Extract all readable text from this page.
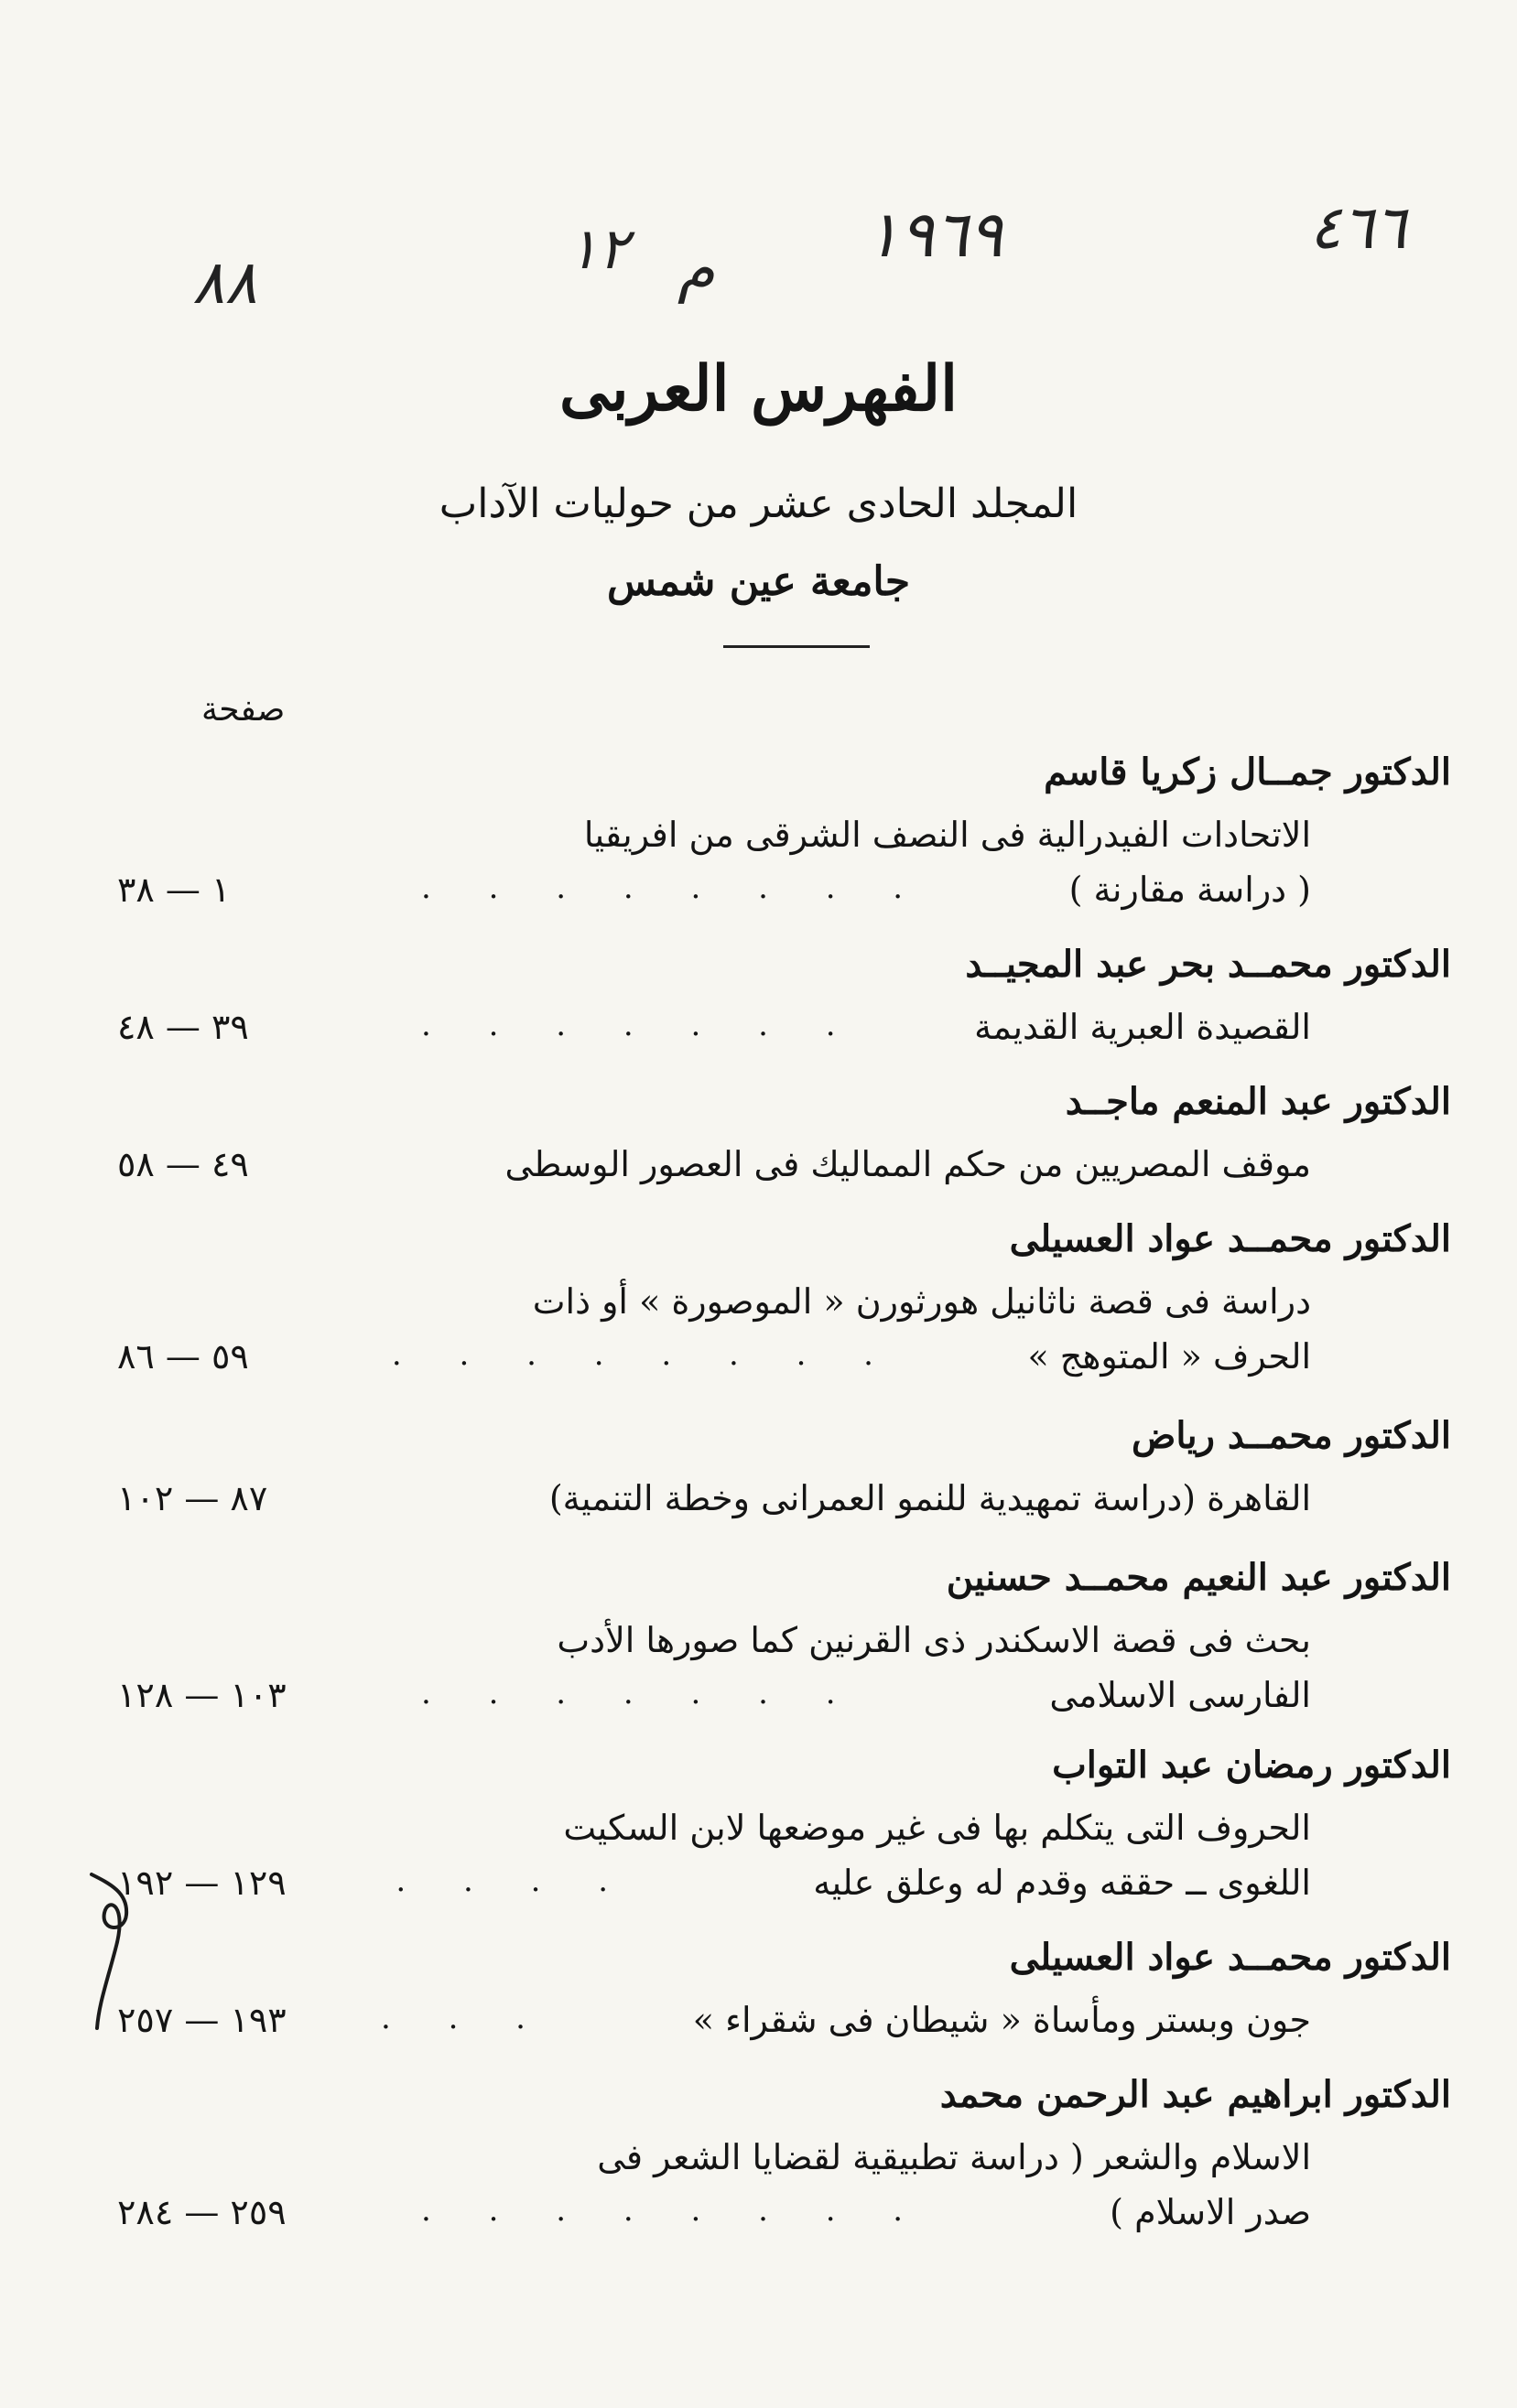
٤٦٦
١٩٦٩
م
١٢
٨٨
الفهرس العربى
المجلد الحادى عشر من حوليات الآداب
جامعة عين شمس
صفحة
الدكتور جمــال زكريا قاسم
الاتحادات الفيدرالية فى النصف الشرقى من افريقيا
( دراسة مقارنة )
. . . . . . . .
١ — ٣٨
الدكتور محمــد بحر عبد المجيــد
القصيدة العبرية القديمة
. . . . . . .
٣٩ — ٤٨
الدكتور عبد المنعم ماجــد
موقف المصريين من حكم المماليك فى العصور الوسطى
٤٩ — ٥٨
الدكتور محمــد عواد العسيلى
دراسة فى قصة ناثانيل هورثورن « الموصورة » أو ذات
الحرف « المتوهج »
. . . . . . . .
٥٩ — ٨٦
الدكتور محمــد رياض
القاهرة (دراسة تمهيدية للنمو العمرانى وخطة التنمية)
٨٧ — ١٠٢
الدكتور عبد النعيم محمــد حسنين
بحث فى قصة الاسكندر ذى القرنين كما صورها الأدب
الفارسى الاسلامى
. . . . . . .
١٠٣ — ١٢٨
الدكتور رمضان عبد التواب
الحروف التى يتكلم بها فى غير موضعها لابن السكيت
اللغوى ــ حققه وقدم له وعلق عليه
. . . .
١٢٩ — ١٩٢
الدكتور محمــد عواد العسيلى
جون وبستر ومأساة « شيطان فى شقراء »
. . .
١٩٣ — ٢٥٧
الدكتور ابراهيم عبد الرحمن محمد
الاسلام والشعر ( دراسة تطبيقية لقضايا الشعر فى
صدر الاسلام )
. . . . . . . .
٢٥٩ — ٢٨٤
